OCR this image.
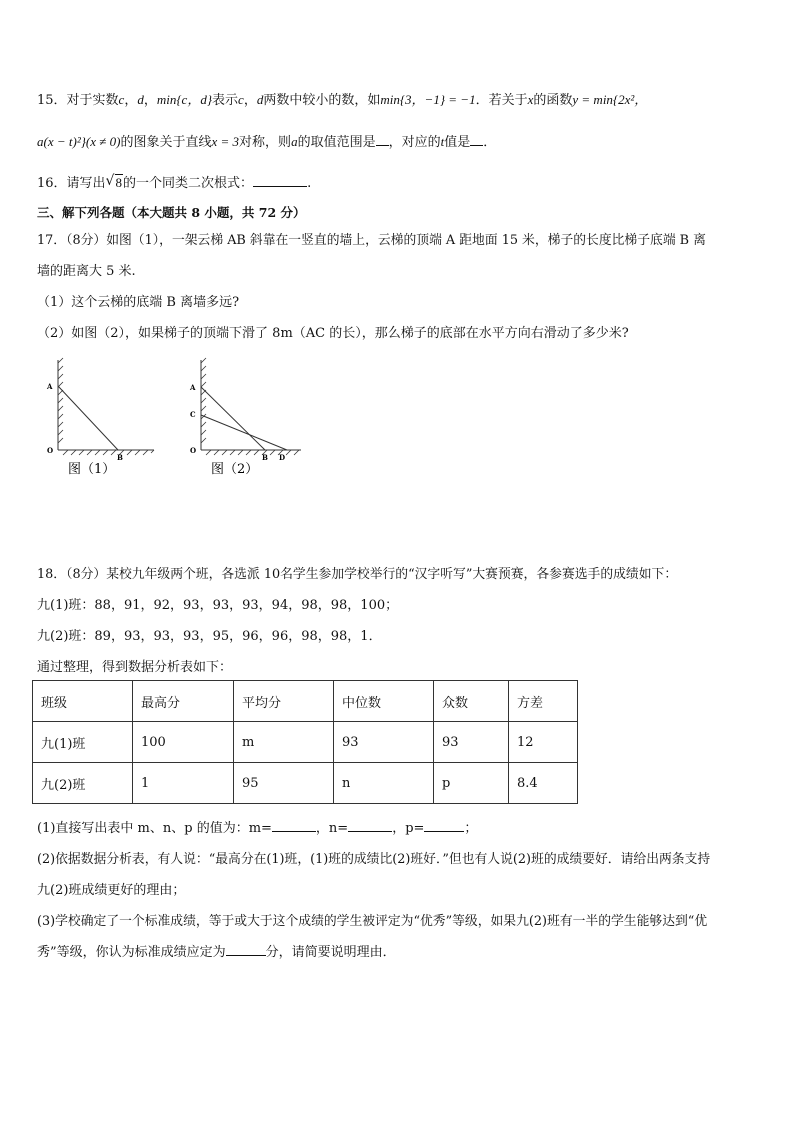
15．对于实数c，d，min{c，d}表示c，d两数中较小的数，如min{3，−1} = −1．若关于x的函数y = min{2x²，
a(x − t)²}(x ≠ 0)的图象关于直线x = 3对称，则a的取值范围是 ，对应的t值是 ．
16．请写出 √ 8的一个同类二次根式：	.
三、解下列各题（本大题共 8 小题，共 72 分）
17．（8分）如图（1），一架云梯 AB 斜靠在一竖直的墙上，云梯的顶端 A 距地面 15 米，梯子的长度比梯子底端 B 离
墙的距离大 5 米.
（1）这个云梯的底端 B 离墙多远?
（2）如图（2），如果梯子的顶端下滑了 8m（AC 的长），那么梯子的底部在水平方向右滑动了多少米?
A
O
B
图（1）
A
C
O
B D
图（2）
18．（8分）某校九年级两个班，各选派 10名学生参加学校举行的“汉字听写”大赛预赛，各参赛选手的成绩如下：
九(1)班：88，91，92，93，93，93，94，98，98，100；
九(2)班：89，93，93，93，95，96，96，98，98，1．
通过整理，得到数据分析表如下：
班级	最高分	平均分	中位数	众数	方差
九(1)班	100	m	93	93	12
九(2)班	1	95	n	p	8.4
(1)直接写出表中 m、n、p 的值为：m=	，n=	，p=	；
(2)依据数据分析表，有人说：“最高分在(1)班，(1)班的成绩比(2)班好．”但也有人说(2)班的成绩要好．请给出两条支持
九(2)班成绩更好的理由；
(3)学校确定了一个标准成绩，等于或大于这个成绩的学生被评定为“优秀”等级，如果九(2)班有一半的学生能够达到“优
秀”等级，你认为标准成绩应定为	分，请简要说明理由．
